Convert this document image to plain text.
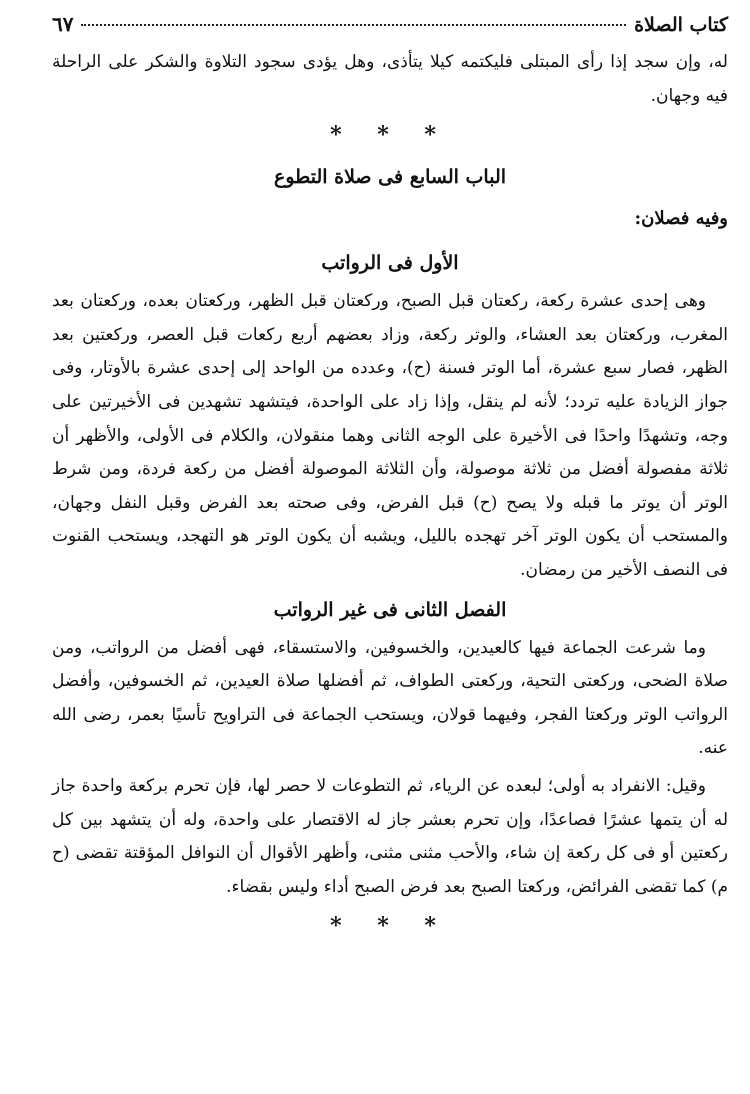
كتاب الصلاة
٦٧

له، وإن سجد إذا رأى المبتلى فليكتمه كيلا يتأذى، وهل يؤدى سجود التلاوة والشكر على الراحلة فيه وجهان.

* * *
الباب السابع فى صلاة التطوع
وفيه فصلان:
الأول فى الرواتب

وهى إحدى عشرة ركعة، ركعتان قبل الصبح، وركعتان قبل الظهر، وركعتان بعده، وركعتان بعد المغرب، وركعتان بعد العشاء، والوتر ركعة، وزاد بعضهم أربع ركعات قبل العصر، وركعتين بعد الظهر، فصار سبع عشرة، أما الوتر فسنة (ح)، وعدده من الواحد إلى إحدى عشرة بالأوتار، وفى جواز الزيادة عليه تردد؛ لأنه لم ينقل، وإذا زاد على الواحدة، فيتشهد تشهدين فى الأخيرتين على وجه، وتشهدًا واحدًا فى الأخيرة على الوجه الثانى وهما منقولان، والكلام فى الأولى، والأظهر أن ثلاثة مفصولة أفضل من ثلاثة موصولة، وأن الثلاثة الموصولة أفضل من ركعة فردة، ومن شرط الوتر أن يوتر ما قبله ولا يصح (ح) قبل الفرض، وفى صحته بعد الفرض وقبل النفل وجهان، والمستحب أن يكون الوتر آخر تهجده بالليل، ويشبه أن يكون الوتر هو التهجد، ويستحب القنوت فى النصف الأخير من رمضان.

الفصل الثانى فى غير الرواتب

وما شرعت الجماعة فيها كالعيدين، والخسوفين، والاستسقاء، فهى أفضل من الرواتب، ومن صلاة الضحى، وركعتى التحية، وركعتى الطواف، ثم أفضلها صلاة العيدين، ثم الخسوفين، وأفضل الرواتب الوتر وركعتا الفجر، وفيهما قولان، ويستحب الجماعة فى التراويح تأسيًا بعمر، رضى الله عنه.

وقيل: الانفراد به أولى؛ لبعده عن الرياء، ثم التطوعات لا حصر لها، فإن تحرم بركعة واحدة جاز له أن يتمها عشرًا فصاعدًا، وإن تحرم بعشر جاز له الاقتصار على واحدة، وله أن يتشهد بين كل ركعتين أو فى كل ركعة إن شاء، والأحب مثنى مثنى، وأظهر الأقوال أن النوافل المؤقتة تقضى (ح م) كما تقضى الفرائض، وركعتا الصبح بعد فرض الصبح أداء وليس بقضاء.

* * *
